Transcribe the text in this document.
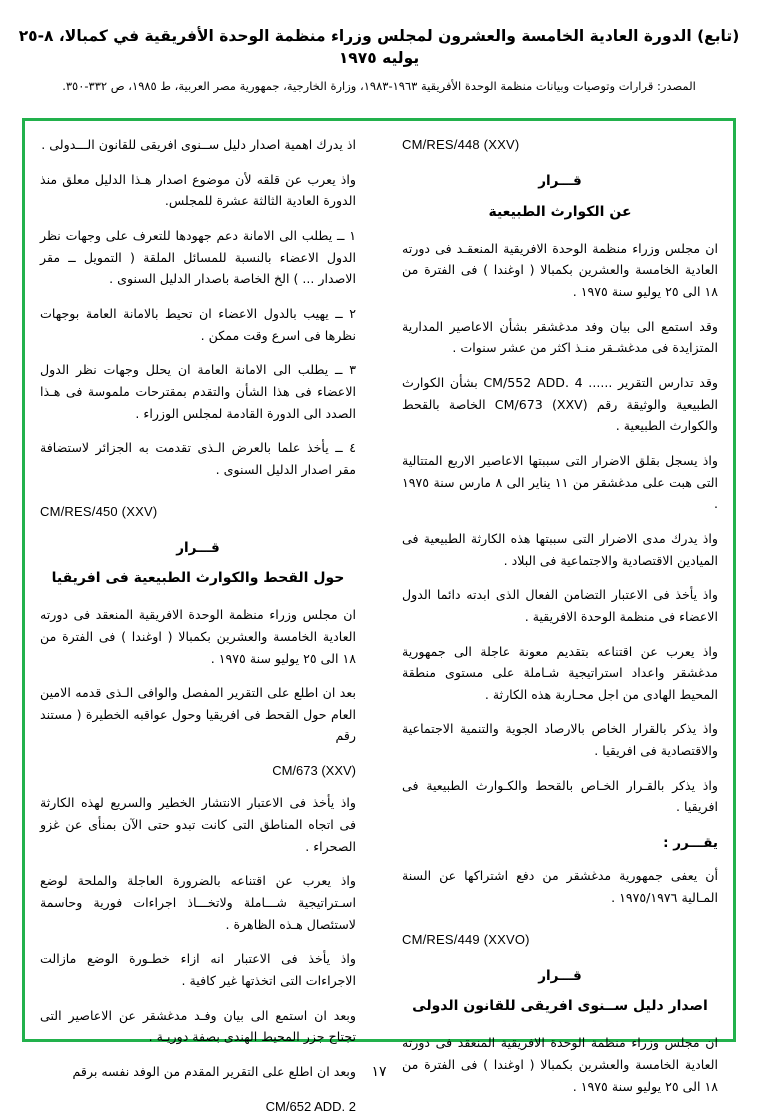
(تابع) الدورة العادية الخامسة والعشرون لمجلس وزراء منظمة الوحدة الأفريقية في كمبالا، ٨-٢٥ يوليه ١٩٧٥
المصدر: قرارات وتوصيات وبيانات منظمة الوحدة الأفريقية ١٩٦٣-١٩٨٣، وزارة الخارجية، جمهورية مصر العربية، ط ١٩٨٥، ص ٣٣٢-٣٥٠.
CM/RES/448 (XXV)
قـــرار
عن الكوارث الطبيعية

ان مجلس وزراء منظمة الوحدة الافريقية المنعقـد فى دورته العادية الخامسة والعشرين بكمبالا ( اوغندا ) فى الفترة من ١٨ الى ٢٥ يوليو سنة ١٩٧٥ .

وقد استمع الى بيان وفد مدغشقر بشأن الاعاصير المدارية المتزايدة فى مدغشـقر منـذ اكثر من عشر سنوات .

وقد تدارس التقرير ...... CM/552 ADD. 4 بشأن الكوارث الطبيعية والوثيقة رقم CM/673 (XXV) الخاصة بالقحط والكوارث الطبيعية .

واذ يسجل بقلق الاضرار التى سببتها الاعاصير الاربع المتتالية التى هبت على مدغشقر من ١١ يناير الى ٨ مارس سنة ١٩٧٥ .

واذ يدرك مدى الاضرار التى سببتها هذه الكارثة الطبيعية فى الميادين الاقتصادية والاجتماعية فى البلاد .

واذ يأخذ فى الاعتبار التضامن الفعال الذى ابدته دائما الدول الاعضاء فى منظمة الوحدة الافريقية .

واذ يعرب عن اقتناعه بتقديم معونة عاجلة الى جمهورية مدغشقر واعداد استراتيجية شـاملة على مستوى منطقة المحيط الهادى من اجل محـاربة هذه الكارثة .

واذ يذكر بالقرار الخاص بالارصاد الجوية والتنمية الاجتماعية والاقتصادية فى افريقيا .

واذ يذكر بالقـرار الخـاص بالقحط والكـوارث الطبيعية فى افريقيا .

يقـــرر :

أن يعفى جمهورية مدغشقر من دفع اشتراكها عن السنة المـالية ١٩٧٥/١٩٧٦ .

CM/RES/449 (XXVO)
قـــرار
اصدار دليل ســنوى افريقى للقانون الدولى

ان مجلس وزراء منظمة الوحدة الافريقية المنعقد فى دورته العادية الخامسة والعشرين بكمبالا ( اوغندا ) فى الفترة من ١٨ الى ٢٥ يوليو سنة ١٩٧٥ .

اذ يدرك اهمية اصدار دليل ســنوى افريقى للقانون الـــدولى .

واذ يعرب عن قلقه لأن موضوع اصدار هـذا الدليل معلق منذ الدورة العادية الثالثة عشرة للمجلس.

١ ــ يطلب الى الامانة دعم جهودها للتعرف على وجهات نظر الدول الاعضاء بالنسبة للمسائل الملقة ( التمويل ــ مقر الاصدار ... ) الخ الخاصة باصدار الدليل السنوى .

٢ ــ يهيب بالدول الاعضاء ان تحيط بالامانة العامة بوجهات نظرها فى اسرع وقت ممكن .

٣ ــ يطلب الى الامانة العامة ان يحلل وجهات نظر الدول الاعضاء فى هذا الشأن والتقدم بمقترحات ملموسة فى هـذا الصدد الى الدورة القادمة لمجلس الوزراء .

٤ ــ يأخذ علما بالعرض الـذى تقدمت به الجزائر لاستضافة مقر اصدار الدليل السنوى .

CM/RES/450 (XXV)
قـــرار
حول القحط والكوارث الطبيعية فى افريقيا

ان مجلس وزراء منظمة الوحدة الافريقية المنعقد فى دورته العادية الخامسة والعشرين بكمبالا ( اوغندا ) فى الفترة من ١٨ الى ٢٥ يوليو سنة ١٩٧٥ .

بعد ان اطلع على التقرير المفصل والوافى الـذى قدمه الامين العام حول القحط فى افريقيا وحول عواقبه الخطيرة ( مستند رقم

CM/673 (XXV)

واذ يأخذ فى الاعتبار الانتشار الخطير والسريع لهذه الكارثة فى اتجاه المناطق التى كانت تبدو حتى الآن بمنأى عن غزو الصحراء .

واذ يعرب عن اقتناعه بالضرورة العاجلة والملحة لوضع اسـتراتيجية شـــاملة ولاتخـــاذ اجراءات فورية وحاسمة لاستئصال هـذه الظاهرة .

واذ يأخذ فى الاعتبار انه ازاء خطـورة الوضع مازالت الاجراءات التى اتخذتها غير كافية .

وبعد ان استمع الى بيان وفـد مدغشقر عن الاعاصير التى تجتاح جزر المحيط الهندى بصفة دوريـة .

وبعد ان اطلع على التقرير المقدم من الوفد نفسه برقم

CM/652 ADD. 2
١٧
